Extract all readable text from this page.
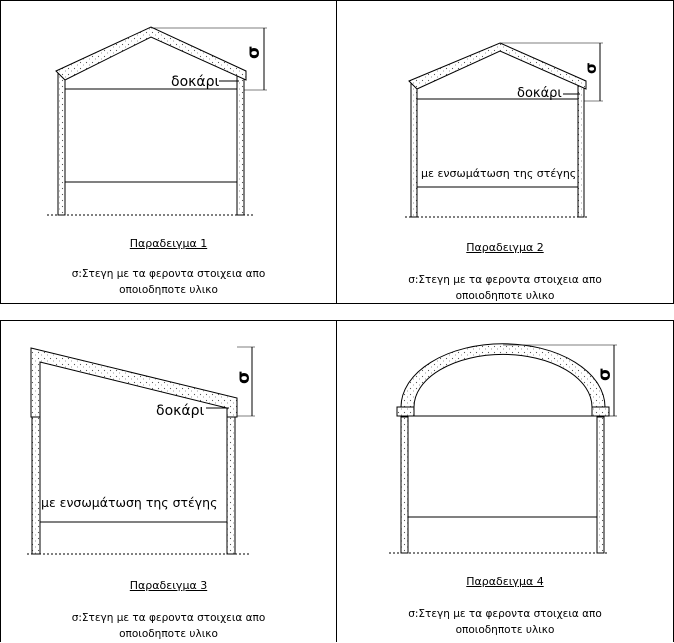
σ
δοκάρι
Παραδειγμα 1
σ:Στεγη με τα φεροντα στοιχεια απο
οποιοδηποτε υλικο
σ
δοκάρι
με ενσωμάτωση της στέγης
Παραδειγμα 2
σ:Στεγη με τα φεροντα στοιχεια απο
οποιοδηποτε υλικο
σ
δοκάρι
με ενσωμάτωση της στέγης
Παραδειγμα 3
σ:Στεγη με τα φεροντα στοιχεια απο
οποιοδηποτε υλικο
σ
Παραδειγμα 4
σ:Στεγη με τα φεροντα στοιχεια απο
οποιοδηποτε υλικο
